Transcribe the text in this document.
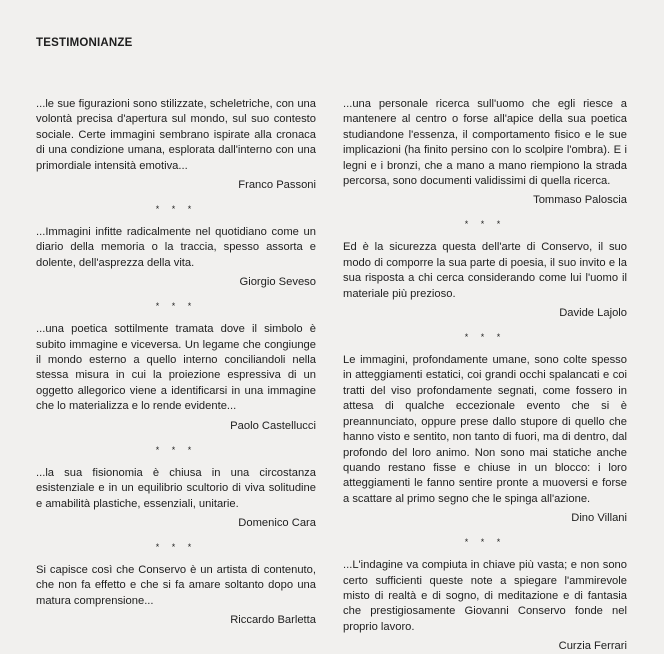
TESTIMONIANZE

...le sue figurazioni sono stilizzate, scheletriche, con una volontà precisa d'apertura sul mondo, sul suo contesto sociale. Certe immagini sembrano ispirate alla cronaca di una condizione umana, esplorata dall'interno con una primordiale intensità emotiva...

Franco Passoni
* * *

...Immagini infitte radicalmente nel quotidiano come un diario della memoria o la traccia, spesso assorta e dolente, dell'asprezza della vita.

Giorgio Seveso
* * *

...una poetica sottilmente tramata dove il simbolo è subito immagine e viceversa. Un legame che congiunge il mondo esterno a quello interno conciliandoli nella stessa misura in cui la proiezione espressiva di un oggetto allegorico viene a identificarsi in una immagine che lo materializza e lo rende evidente...

Paolo Castellucci
* * *

...la sua fisionomia è chiusa in una circostanza esistenziale e in un equilibrio scultorio di viva solitudine e amabilità plastiche, essenziali, unitarie.

Domenico Cara
* * *

Si capisce così che Conservo è un artista di contenuto, che non fa effetto e che si fa amare soltanto dopo una matura comprensione...

Riccardo Barletta

...una personale ricerca sull'uomo che egli riesce a mantenere al centro o forse all'apice della sua poetica studiandone l'essenza, il comportamento fisico e le sue implicazioni (ha finito persino con lo scolpire l'ombra). E i legni e i bronzi, che a mano a mano riempiono la strada percorsa, sono documenti validissimi di quella ricerca.

Tommaso Paloscia
* * *

Ed è la sicurezza questa dell'arte di Conservo, il suo modo di comporre la sua parte di poesia, il suo invito e la sua risposta a chi cerca considerando come lui l'uomo il materiale più prezioso.

Davide Lajolo
* * *

Le immagini, profondamente umane, sono colte spesso in atteggiamenti estatici, coi grandi occhi spalancati e coi tratti del viso profondamente segnati, come fossero in attesa di qualche eccezionale evento che si è preannunciato, oppure prese dallo stupore di quello che hanno visto e sentito, non tanto di fuori, ma di dentro, dal profondo del loro animo. Non sono mai statiche anche quando restano fisse e chiuse in un blocco: i loro atteggiamenti le fanno sentire pronte a muoversi e forse a scattare al primo segno che le spinga all'azione.

Dino Villani
* * *

...L'indagine va compiuta in chiave più vasta; e non sono certo sufficienti queste note a spiegare l'ammirevole misto di realtà e di sogno, di meditazione e di fantasia che prestigiosamente Giovanni Conservo fonde nel proprio lavoro.

Curzia Ferrari
